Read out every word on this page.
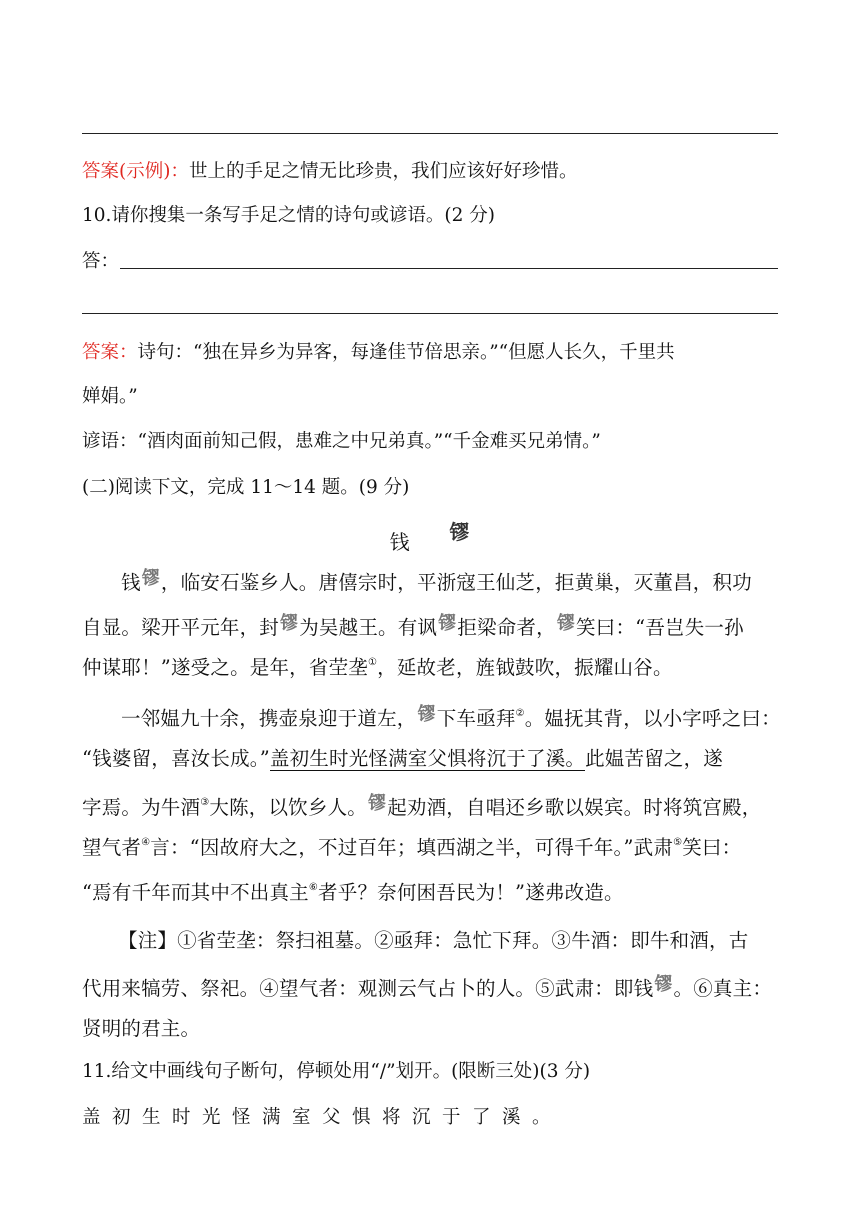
答案(示例)：世上的手足之情无比珍贵，我们应该好好珍惜。
10.请你搜集一条写手足之情的诗句或谚语。(2 分)
答：
答案：诗句：“独在异乡为异客，每逢佳节倍思亲。”“但愿人长久，千里共
婵娟。”
谚语：“酒肉面前知己假，患难之中兄弟真。”“千金难买兄弟情。”
(二)阅读下文，完成 11～14 题。(9 分)
钱 镠
钱镠，临安石鉴乡人。唐僖宗时，平浙寇王仙芝，拒黄巢，灭董昌，积功
自显。梁开平元年，封镠为吴越王。有讽镠拒梁命者，镠笑曰：“吾岂失一孙
仲谋耶！”遂受之。是年，省茔垄①，延故老，旌钺鼓吹，振耀山谷。
一邻媪九十余，携壶泉迎于道左，镠下车亟拜②。媪抚其背，以小字呼之曰：
“钱婆留，喜汝长成。”盖初生时光怪满室父惧将沉于了溪。此媪苦留之，遂
字焉。为牛酒③大陈，以饮乡人。镠起劝酒，自唱还乡歌以娱宾。时将筑宫殿，
望气者④言：“因故府大之，不过百年；填西湖之半，可得千年。”武肃⑤笑曰：
“焉有千年而其中不出真主⑥者乎？奈何困吾民为！”遂弗改造。
【注】①省茔垄：祭扫祖墓。②亟拜：急忙下拜。③牛酒：即牛和酒，古
代用来犒劳、祭祀。④望气者：观测云气占卜的人。⑤武肃：即钱镠。⑥真主：
贤明的君主。
11.给文中画线句子断句，停顿处用“/”划开。(限断三处)(3 分)
盖初生时光怪满室父惧将沉于了溪。
